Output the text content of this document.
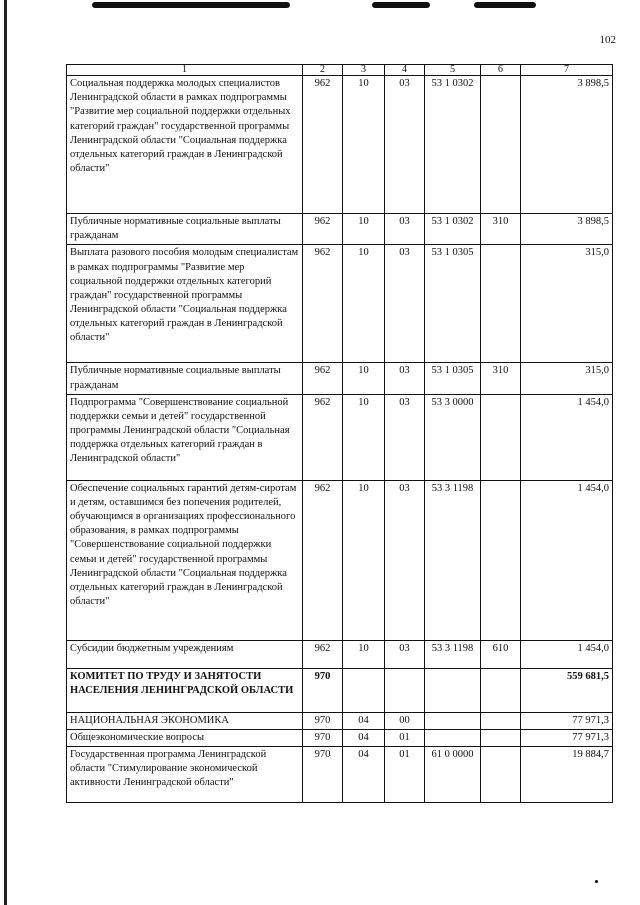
102
1	2	3	4	5	6	7
Социальная поддержка молодых специалистов Ленинградской области в рамках подпрограммы "Развитие мер социальной поддержки отдельных категорий граждан" государственной программы Ленинградской области "Социальная поддержка отдельных категорий граждан в Ленинградской области"	962	10	03	53 1 0302		3 898,5
Публичные нормативные социальные выплаты гражданам	962	10	03	53 1 0302	310	3 898,5
Выплата разового пособия молодым специалистам в рамках подпрограммы "Развитие мер социальной поддержки отдельных категорий граждан" государственной программы Ленинградской области "Социальная поддержка отдельных категорий граждан в Ленинградской области"	962	10	03	53 1 0305		315,0
Публичные нормативные социальные выплаты гражданам	962	10	03	53 1 0305	310	315,0
Подпрограмма "Совершенствование социальной поддержки семьи и детей" государственной программы Ленинградской области "Социальная поддержка отдельных категорий граждан в Ленинградской области"	962	10	03	53 3 0000		1 454,0
Обеспечение социальных гарантий детям-сиротам и детям, оставшимся без попечения родителей, обучающимся в организациях профессионального образования, в рамках подпрограммы "Совершенствование социальной поддержки семьи и детей" государственной программы Ленинградской области "Социальная поддержка отдельных категорий граждан в Ленинградской области"	962	10	03	53 3 1198		1 454,0
Субсидии бюджетным учреждениям	962	10	03	53 3 1198	610	1 454,0
КОМИТЕТ ПО ТРУДУ И ЗАНЯТОСТИ НАСЕЛЕНИЯ ЛЕНИНГРАДСКОЙ ОБЛАСТИ	970					559 681,5
НАЦИОНАЛЬНАЯ ЭКОНОМИКА	970	04	00			77 971,3
Общеэкономические вопросы	970	04	01			77 971,3
Государственная программа Ленинградской области "Стимулирование экономической активности Ленинградской области"	970	04	01	61 0 0000		19 884,7
